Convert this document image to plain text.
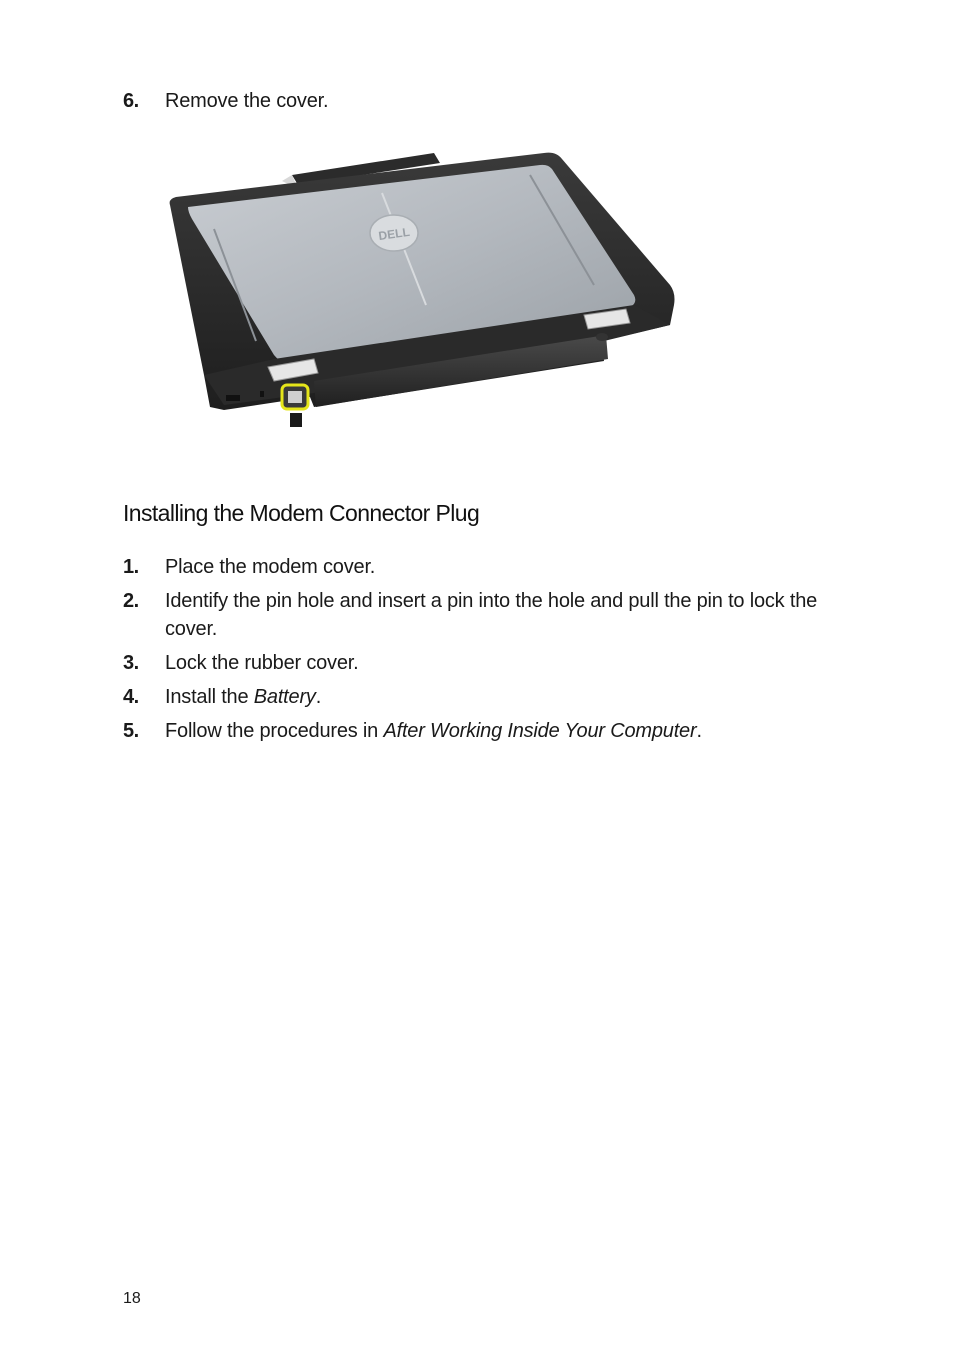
6. Remove the cover.
DELL
Installing the Modem Connector Plug
1. Place the modem cover.
2. Identify the pin hole and insert a pin into the hole and pull the pin to lock the cover.
3. Lock the rubber cover.
4. Install the Battery.
5. Follow the procedures in After Working Inside Your Computer.
18
